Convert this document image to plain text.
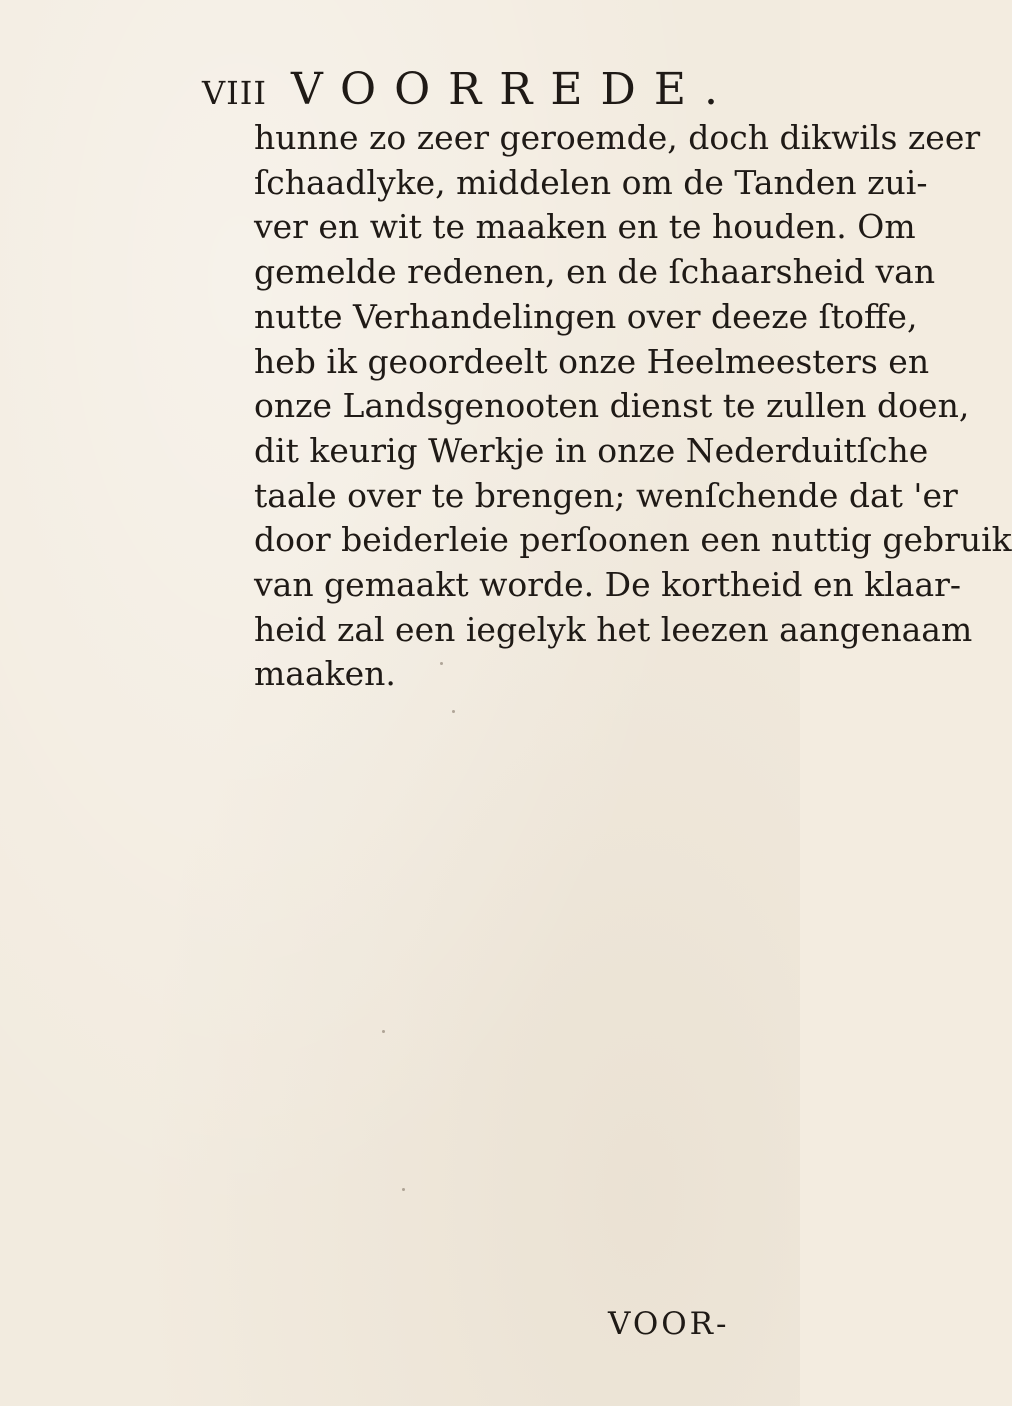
VIII VOORREDE.
hunne zo zeer geroemde, doch dikwils zeer
ſchaadlyke, middelen om de Tanden zui-
ver en wit te maaken en te houden. Om
gemelde redenen, en de ſchaarsheid van
nutte Verhandelingen over deeze ſtoffe,
heb ik geoordeelt onze Heelmeesters en
onze Landsgenooten dienst te zullen doen,
dit keurig Werkje in onze Nederduitſche
taale over te brengen; wenſchende dat 'er
door beiderleie perſoonen een nuttig gebruik
van gemaakt worde. De kortheid en klaar-
heid zal een iegelyk het leezen aangenaam
maaken.
VOOR-
